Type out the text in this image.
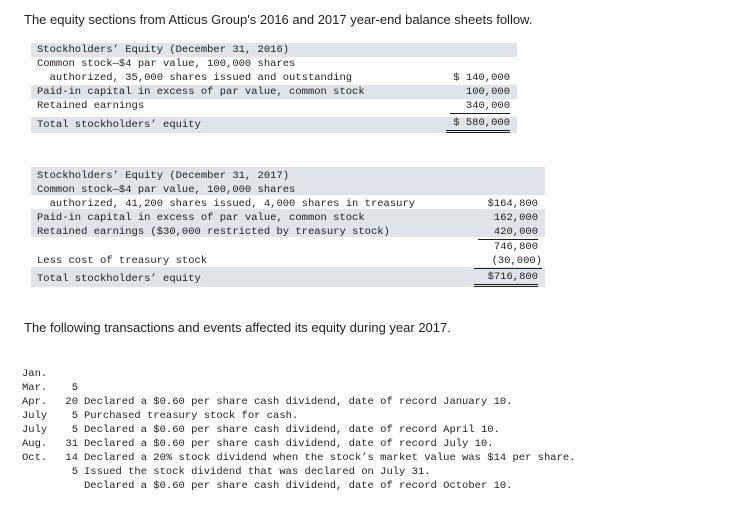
The equity sections from Atticus Group's 2016 and 2017 year-end balance sheets follow.
Stockholders’ Equity (December 31, 2016)
Common stock—$4 par value, 100,000 shares
authorized, 35,000 shares issued and outstanding
Paid-in capital in excess of par value, common stock
Retained earnings
Total stockholders’ equity
$ 140,000
100,000
340,000
$ 580,000
Stockholders’ Equity (December 31, 2017)
Common stock—$4 par value, 100,000 shares
authorized, 41,200 shares issued, 4,000 shares in treasury
Paid-in capital in excess of par value, common stock
Retained earnings ($30,000 restricted by treasury stock)
Less cost of treasury stock
Total stockholders’ equity
$164,800
162,000
420,000
746,800
(30,000)
$716,800
The following transactions and events affected its equity during year 2017.

Jan.

5

Declared a $0.60 per share cash dividend, date of record January 10.

Mar.

20

Purchased treasury stock for cash.

Apr.

5

Declared a $0.60 per share cash dividend, date of record April 10.

July

5

Declared a $0.60 per share cash dividend, date of record July 10.

July

31

Declared a 20% stock dividend when the stock’s market value was $14 per share.

Aug.

14

Issued the stock dividend that was declared on July 31.

Oct.

5

Declared a $0.60 per share cash dividend, date of record October 10.
